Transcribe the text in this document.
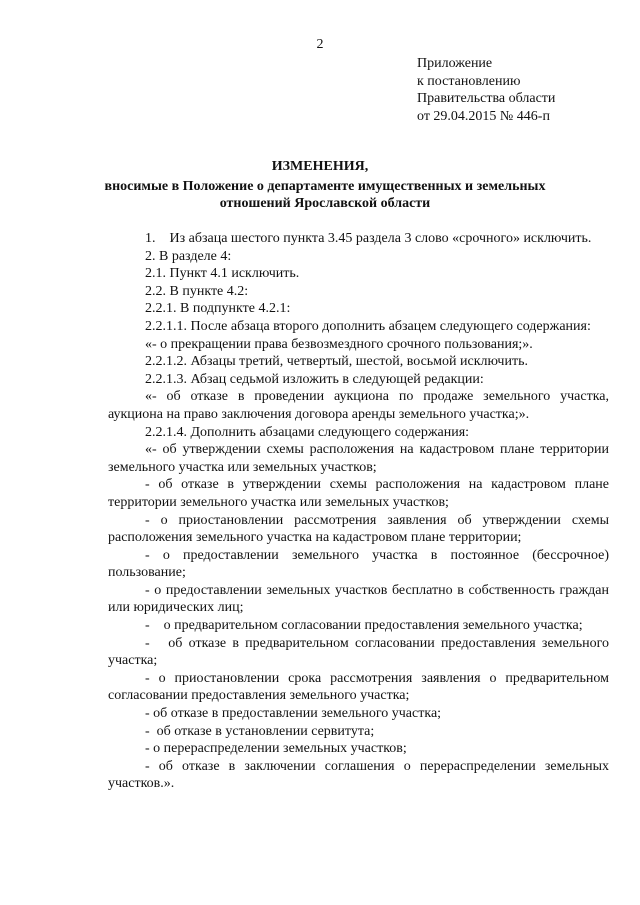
2
Приложение
к постановлению
Правительства области
от 29.04.2015 № 446-п
ИЗМЕНЕНИЯ,
вносимые в Положение о департаменте имущественных и земельных отношений Ярославской области

1.    Из абзаца шестого пункта 3.45 раздела 3 слово «срочного» исключить.

2. В разделе 4:

2.1. Пункт 4.1 исключить.

2.2. В пункте 4.2:

2.2.1. В подпункте 4.2.1:

2.2.1.1. После абзаца второго дополнить абзацем следующего содержания:

«- о прекращении права безвозмездного срочного пользования;».

2.2.1.2. Абзацы третий, четвертый, шестой, восьмой исключить.

2.2.1.3. Абзац седьмой изложить в следующей редакции:

«- об отказе в проведении аукциона по продаже земельного участка, аукциона на право заключения договора аренды земельного участка;».

2.2.1.4. Дополнить абзацами следующего содержания:

«- об утверждении схемы расположения на кадастровом плане территории земельного участка или земельных участков;

- об отказе в утверждении схемы расположения на кадастровом плане территории земельного участка или земельных участков;

- о приостановлении рассмотрения заявления об утверждении схемы расположения земельного участка на кадастровом плане территории;

- о предоставлении земельного участка в постоянное (бессрочное) пользование;

- о предоставлении земельных участков бесплатно в собственность граждан или юридических лиц;

-    о предварительном согласовании предоставления земельного участка;

-   об отказе в предварительном согласовании предоставления земельного участка;

- о приостановлении срока рассмотрения заявления о предварительном согласовании предоставления земельного участка;

- об отказе в предоставлении земельного участка;

-  об отказе в установлении сервитута;

- о перераспределении земельных участков;

- об отказе в заключении соглашения о перераспределении земельных участков.».
